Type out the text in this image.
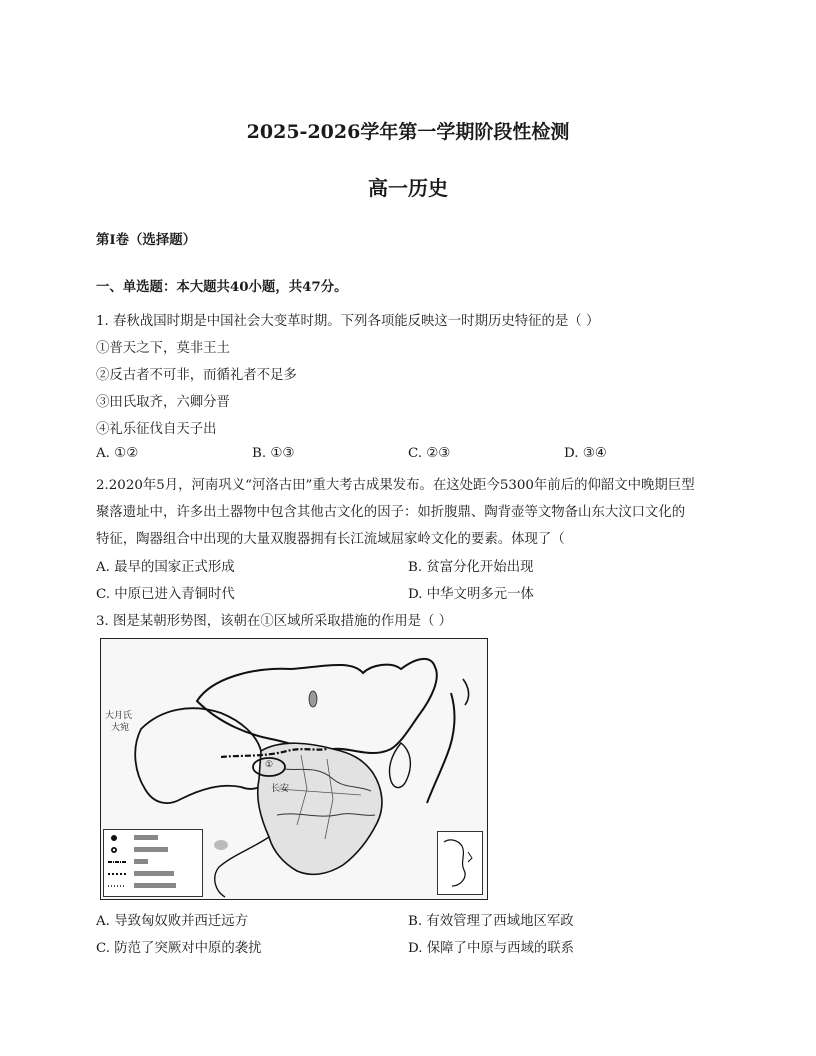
2025-2026学年第一学期阶段性检测
高一历史
第Ⅰ卷（选择题）
一、单选题：本大题共40小题，共47分。
1. 春秋战国时期是中国社会大变革时期。下列各项能反映这一时期历史特征的是（ ）
①普天之下，莫非王土
②反古者不可非，而循礼者不足多
③田氏取齐，六卿分晋
④礼乐征伐自天子出
A. ①②	B. ①③	C. ②③	D. ③④
2.2020年5月，河南巩义“河洛古田”重大考古成果发布。在这处距今5300年前后的仰韶文中晚期巨型
聚落遗址中，许多出土器物中包含其他古文化的因子：如折腹鼎、陶背壶等文物备山东大汶口文化的
特征，陶器组合中出现的大量双腹器拥有长江流域屈家岭文化的要素。体现了（
A. 最早的国家正式形成	B. 贫富分化开始出现
C. 中原已进入青铜时代	D. 中华文明多元一体
3. 图是某朝形势图，该朝在①区域所采取措施的作用是（ ）
大月氏
大宛
长安
①
A. 导致匈奴败并西迁远方	B. 有效管理了西域地区军政
C. 防范了突厥对中原的袭扰	D. 保障了中原与西域的联系
